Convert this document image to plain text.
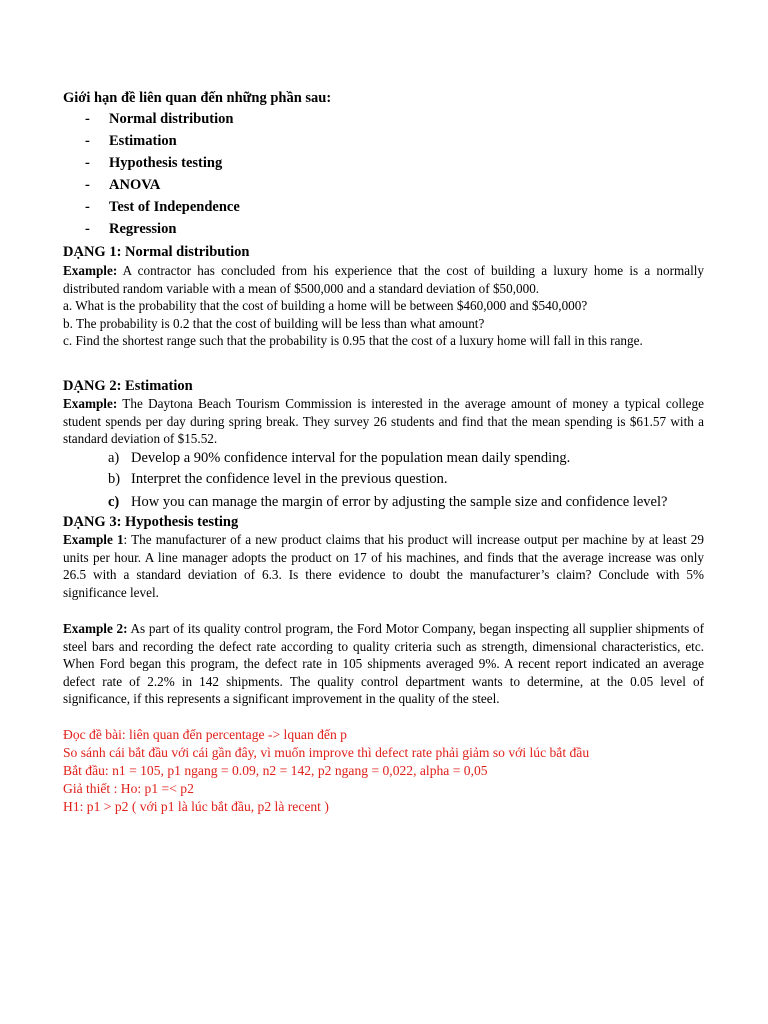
Giới hạn đề liên quan đến những phần sau:
- Normal distribution
- Estimation
- Hypothesis testing
- ANOVA
- Test of Independence
- Regression
DẠNG 1: Normal distribution
Example: A contractor has concluded from his experience that the cost of building a luxury home is a normally distributed random variable with a mean of $500,000 and a standard deviation of $50,000.
a. What is the probability that the cost of building a home will be between $460,000 and $540,000?
b. The probability is 0.2 that the cost of building will be less than what amount?
c. Find the shortest range such that the probability is 0.95 that the cost of a luxury home will fall in this range.
DẠNG 2: Estimation
Example: The Daytona Beach Tourism Commission is interested in the average amount of money a typical college student spends per day during spring break. They survey 26 students and find that the mean spending is $61.57 with a standard deviation of $15.52.
a) Develop a 90% confidence interval for the population mean daily spending.
b) Interpret the confidence level in the previous question.
c) How you can manage the margin of error by adjusting the sample size and confidence level?
DẠNG 3: Hypothesis testing
Example 1: The manufacturer of a new product claims that his product will increase output per machine by at least 29 units per hour. A line manager adopts the product on 17 of his machines, and finds that the average increase was only 26.5 with a standard deviation of 6.3. Is there evidence to doubt the manufacturer’s claim? Conclude with 5% significance level.
Example 2: As part of its quality control program, the Ford Motor Company, began inspecting all supplier shipments of steel bars and recording the defect rate according to quality criteria such as strength, dimensional characteristics, etc. When Ford began this program, the defect rate in 105 shipments averaged 9%. A recent report indicated an average defect rate of 2.2% in 142 shipments. The quality control department wants to determine, at the 0.05 level of significance, if this represents a significant improvement in the quality of the steel.
Đọc đề bài: liên quan đến percentage -> lquan đến p
So sánh cái bắt đầu với cái gần đây, vì muốn improve thì defect rate phải giảm so với lúc bắt đầu
Bắt đầu: n1 = 105, p1 ngang = 0.09, n2 = 142, p2 ngang = 0,022, alpha = 0,05
Giả thiết : Ho: p1 =< p2
H1: p1 > p2 ( với p1 là lúc bắt đầu, p2 là recent )
